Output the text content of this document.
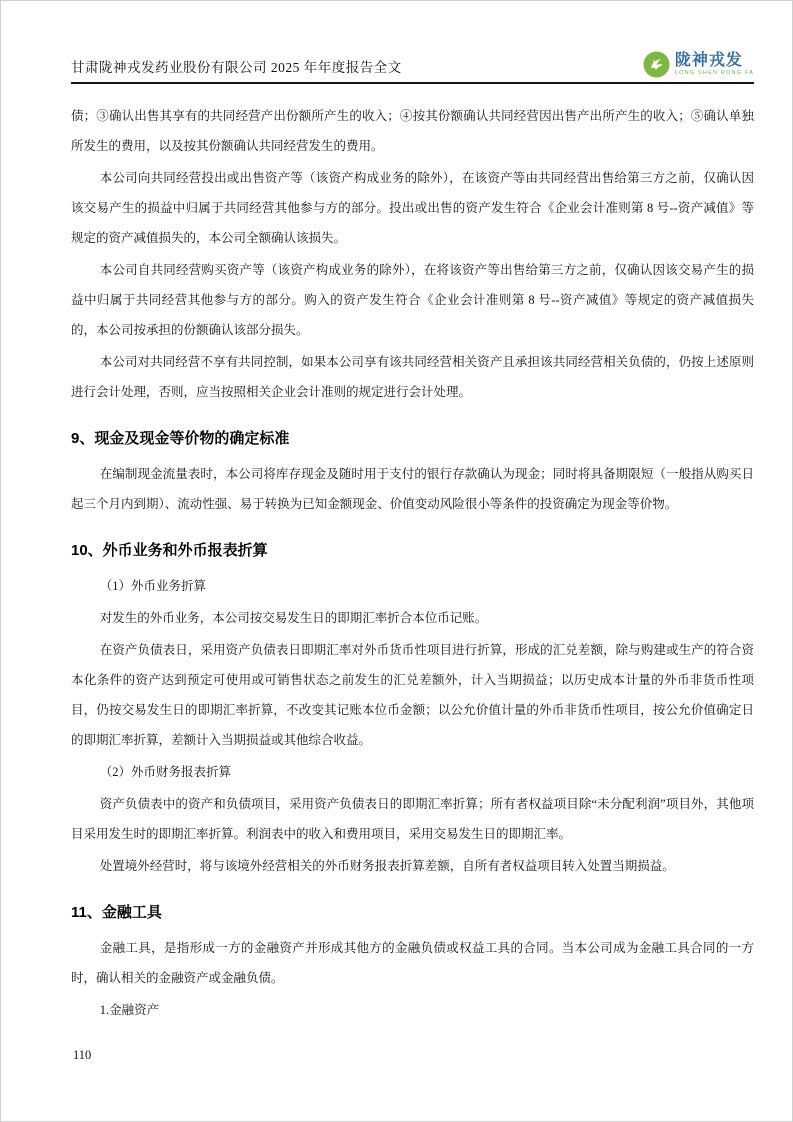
甘肃陇神戎发药业股份有限公司 2025 年年度报告全文	陇神戎发
LONG SHEN RONG FA

债；③确认出售其享有的共同经营产出份额所产生的收入；④按其份额确认共同经营因出售产出所产生的收入；⑤确认单独所发生的费用，以及按其份额确认共同经营发生的费用。

本公司向共同经营投出或出售资产等（该资产构成业务的除外），在该资产等由共同经营出售给第三方之前，仅确认因该交易产生的损益中归属于共同经营其他参与方的部分。投出或出售的资产发生符合《企业会计准则第 8 号--资产减值》等规定的资产减值损失的，本公司全额确认该损失。

本公司自共同经营购买资产等（该资产构成业务的除外），在将该资产等出售给第三方之前，仅确认因该交易产生的损益中归属于共同经营其他参与方的部分。购入的资产发生符合《企业会计准则第 8 号--资产减值》等规定的资产减值损失的，本公司按承担的份额确认该部分损失。

本公司对共同经营不享有共同控制，如果本公司享有该共同经营相关资产且承担该共同经营相关负债的，仍按上述原则进行会计处理，否则，应当按照相关企业会计准则的规定进行会计处理。

9、现金及现金等价物的确定标准

在编制现金流量表时，本公司将库存现金及随时用于支付的银行存款确认为现金；同时将具备期限短（一般指从购买日起三个月内到期）、流动性强、易于转换为已知金额现金、价值变动风险很小等条件的投资确定为现金等价物。

10、外币业务和外币报表折算

（1）外币业务折算

对发生的外币业务，本公司按交易发生日的即期汇率折合本位币记账。

在资产负债表日，采用资产负债表日即期汇率对外币货币性项目进行折算，形成的汇兑差额，除与购建或生产的符合资本化条件的资产达到预定可使用或可销售状态之前发生的汇兑差额外，计入当期损益；以历史成本计量的外币非货币性项目，仍按交易发生日的即期汇率折算，不改变其记账本位币金额；以公允价值计量的外币非货币性项目，按公允价值确定日的即期汇率折算，差额计入当期损益或其他综合收益。

（2）外币财务报表折算

资产负债表中的资产和负债项目，采用资产负债表日的即期汇率折算；所有者权益项目除“未分配利润”项目外，其他项目采用发生时的即期汇率折算。利润表中的收入和费用项目，采用交易发生日的即期汇率。

处置境外经营时，将与该境外经营相关的外币财务报表折算差额，自所有者权益项目转入处置当期损益。

11、金融工具

金融工具，是指形成一方的金融资产并形成其他方的金融负债或权益工具的合同。当本公司成为金融工具合同的一方时，确认相关的金融资产或金融负债。

1.金融资产

110
